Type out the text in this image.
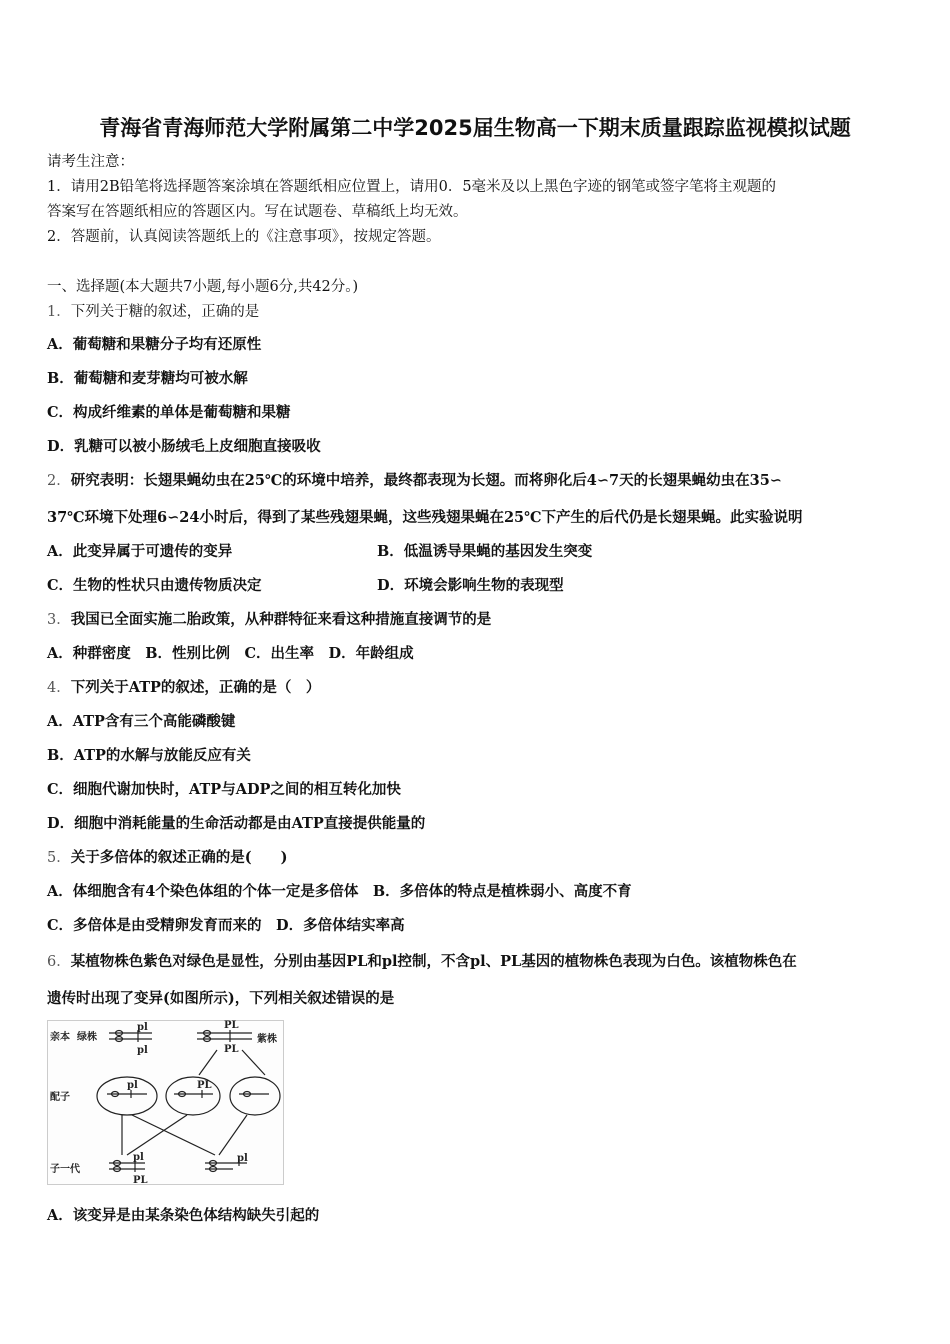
青海省青海师范大学附属第二中学2025届生物高一下期末质量跟踪监视模拟试题
请考生注意：
1．请用2B铅笔将选择题答案涂填在答题纸相应位置上，请用0．5毫米及以上黑色字迹的钢笔或签字笔将主观题的
答案写在答题纸相应的答题区内。写在试题卷、草稿纸上均无效。
2．答题前，认真阅读答题纸上的《注意事项》，按规定答题。
一、选择题(本大题共7小题,每小题6分,共42分。)
1．下列关于糖的叙述，正确的是
A．葡萄糖和果糖分子均有还原性
B．葡萄糖和麦芽糖均可被水解
C．构成纤维素的单体是葡萄糖和果糖
D．乳糖可以被小肠绒毛上皮细胞直接吸收
2．研究表明：长翅果蝇幼虫在25℃的环境中培养，最终都表现为长翅。而将卵化后4∽7天的长翅果蝇幼虫在35∽
37℃环境下处理6∽24小时后，得到了某些残翅果蝇，这些残翅果蝇在25℃下产生的后代仍是长翅果蝇。此实验说明
A．此变异属于可遗传的变异	B．低温诱导果蝇的基因发生突变
C．生物的性状只由遗传物质决定	D．环境会影响生物的表现型
3．我国已全面实施二胎政策，从种群特征来看这种措施直接调节的是
A．种群密度　B．性别比例　C．出生率　D．年龄组成
4．下列关于ATP的叙述，正确的是（　）
A．ATP含有三个高能磷酸键
B．ATP的水解与放能反应有关
C．细胞代谢加快时，ATP与ADP之间的相互转化加快
D．细胞中消耗能量的生命活动都是由ATP直接提供能量的
5．关于多倍体的叙述正确的是(　　)
A．体细胞含有4个染色体组的个体一定是多倍体　B．多倍体的特点是植株弱小、高度不育
C．多倍体是由受精卵发育而来的　D．多倍体结实率高
6．某植物株色紫色对绿色是显性，分别由基因PL和pl控制，不含pl、PL基因的植物株色表现为白色。该植物株色在
遗传时出现了变异(如图所示)，下列相关叙述错误的是
亲本 绿株	紫株
配子
子一代
pl
pl
PL
PL
pl	PL
pl
PL
pl
A．该变异是由某条染色体结构缺失引起的
